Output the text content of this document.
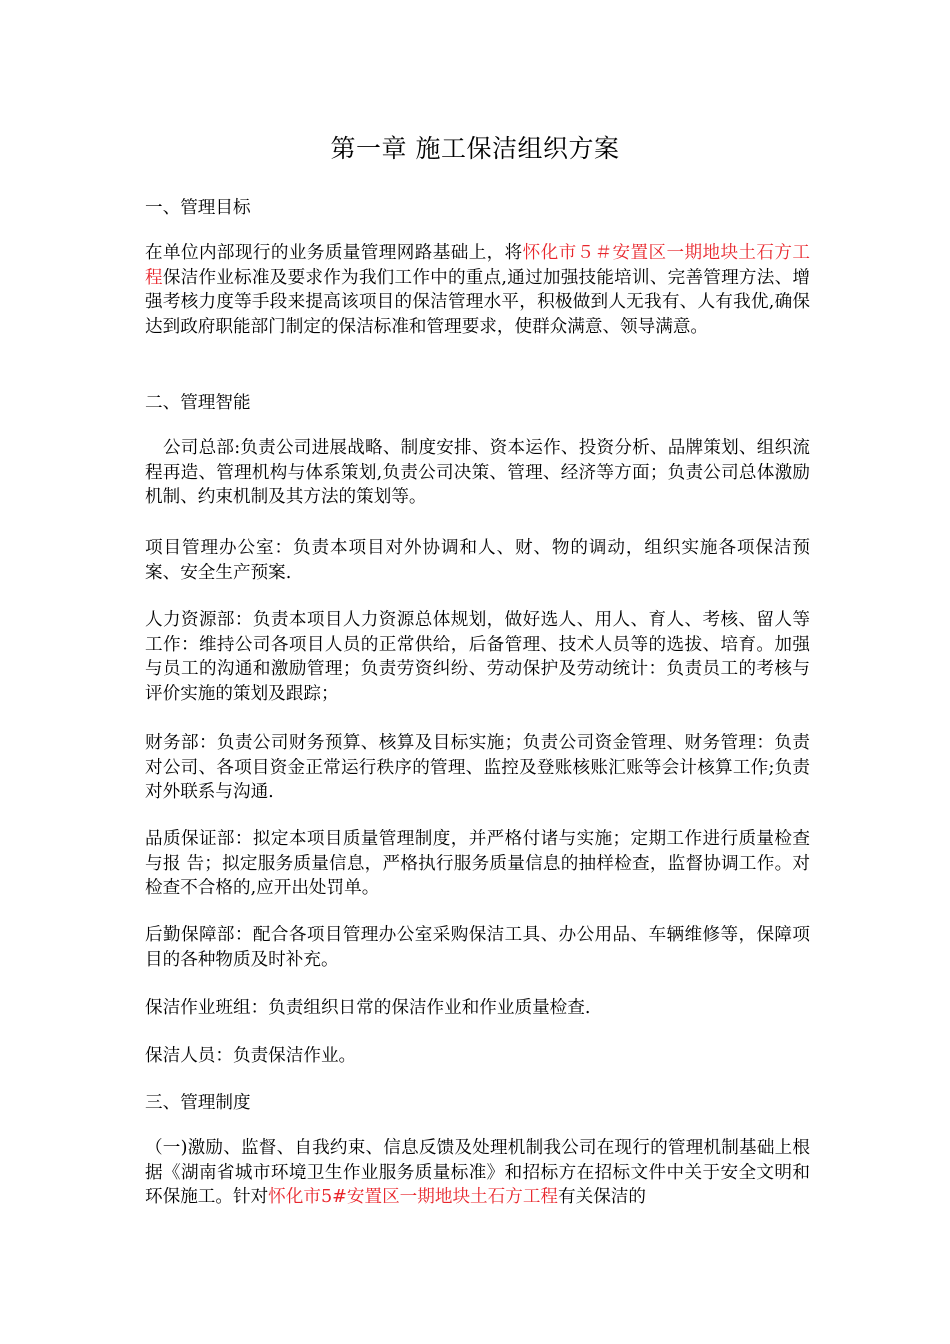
第一章 施工保洁组织方案

一、管理目标

在单位内部现行的业务质量管理网路基础上，将怀化市５＃安置区一期地块土石方工程保洁作业标准及要求作为我们工作中的重点,通过加强技能培训、完善管理方法、增强考核力度等手段来提高该项目的保洁管理水平，积极做到人无我有、人有我优,确保达到政府职能部门制定的保洁标准和管理要求，使群众满意、领导满意。

二、管理智能

公司总部:负责公司进展战略、制度安排、资本运作、投资分析、品牌策划、组织流程再造、管理机构与体系策划,负责公司决策、管理、经济等方面；负责公司总体激励机制、约束机制及其方法的策划等。

项目管理办公室：负责本项目对外协调和人、财、物的调动，组织实施各项保洁预案、安全生产预案.

人力资源部：负责本项目人力资源总体规划，做好选人、用人、育人、考核、留人等工作：维持公司各项目人员的正常供给，后备管理、技术人员等的选拔、培育。加强与员工的沟通和激励管理；负责劳资纠纷、劳动保护及劳动统计：负责员工的考核与评价实施的策划及跟踪；

财务部：负责公司财务预算、核算及目标实施；负责公司资金管理、财务管理：负责对公司、各项目资金正常运行秩序的管理、监控及登账核账汇账等会计核算工作;负责对外联系与沟通.

品质保证部：拟定本项目质量管理制度，并严格付诸与实施；定期工作进行质量检查与报 告；拟定服务质量信息，严格执行服务质量信息的抽样检查，监督协调工作。对检查不合格的,应开出处罚单。

后勤保障部：配合各项目管理办公室采购保洁工具、办公用品、车辆维修等，保障项目的各种物质及时补充。

保洁作业班组：负责组织日常的保洁作业和作业质量检查.

保洁人员：负责保洁作业。

三、管理制度

（一)激励、监督、自我约束、信息反馈及处理机制我公司在现行的管理机制基础上根据《湖南省城市环境卫生作业服务质量标准》和招标方在招标文件中关于安全文明和环保施工。针对怀化市5#安置区一期地块土石方工程有关保洁的
